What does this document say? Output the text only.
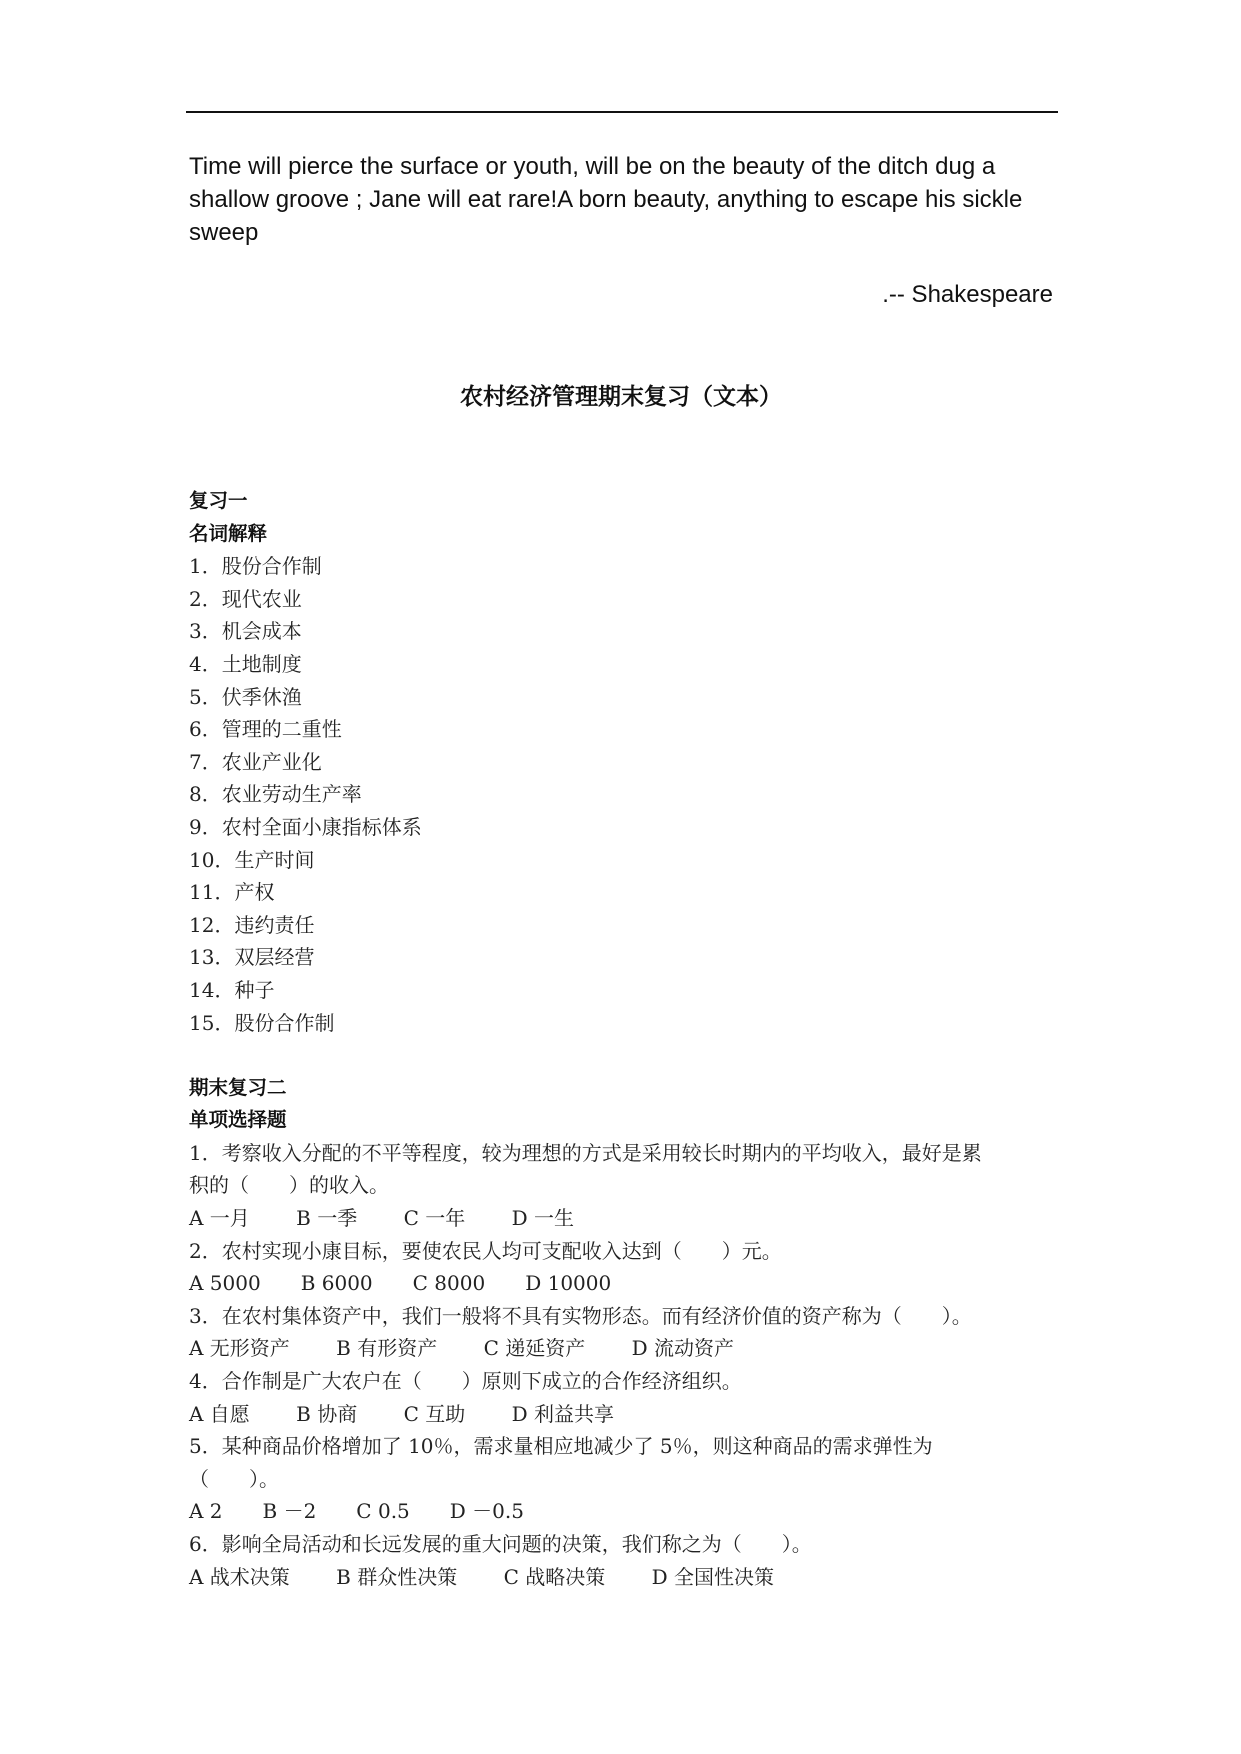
Time will pierce the surface or youth, will be on the beauty of the ditch dug a shallow groove ; Jane will eat rare!A born beauty, anything to escape his sickle sweep
.-- Shakespeare
农村经济管理期末复习（文本）

复习一

名词解释

1．股份合作制

2．现代农业

3．机会成本

4．土地制度

5．伏季休渔

6．管理的二重性

7．农业产业化

8．农业劳动生产率

9．农村全面小康指标体系

10．生产时间

11．产权

12．违约责任

13．双层经营

14．种子

15．股份合作制

期末复习二

单项选择题

1．考察收入分配的不平等程度，较为理想的方式是采用较长时期内的平均收入，最好是累

积的（　　）的收入。

A 一月　　 B 一季　　 C 一年　　 D 一生

2．农村实现小康目标，要使农民人均可支配收入达到（　　）元。

A 5000　　B 6000　　C 8000　　D 10000

3．在农村集体资产中，我们一般将不具有实物形态。而有经济价值的资产称为（　　）。

A 无形资产　　 B 有形资产　　 C 递延资产　　 D 流动资产

4．合作制是广大农户在（　　）原则下成立的合作经济组织。

A 自愿　　 B 协商　　 C 互助　　 D 利益共享

5．某种商品价格增加了 10％，需求量相应地减少了 5％，则这种商品的需求弹性为

（　　）。

A 2　　B －2　　C 0.5　　D －0.5

6．影响全局活动和长远发展的重大问题的决策，我们称之为（　　）。

A 战术决策　　 B 群众性决策　　 C 战略决策　　 D 全国性决策
